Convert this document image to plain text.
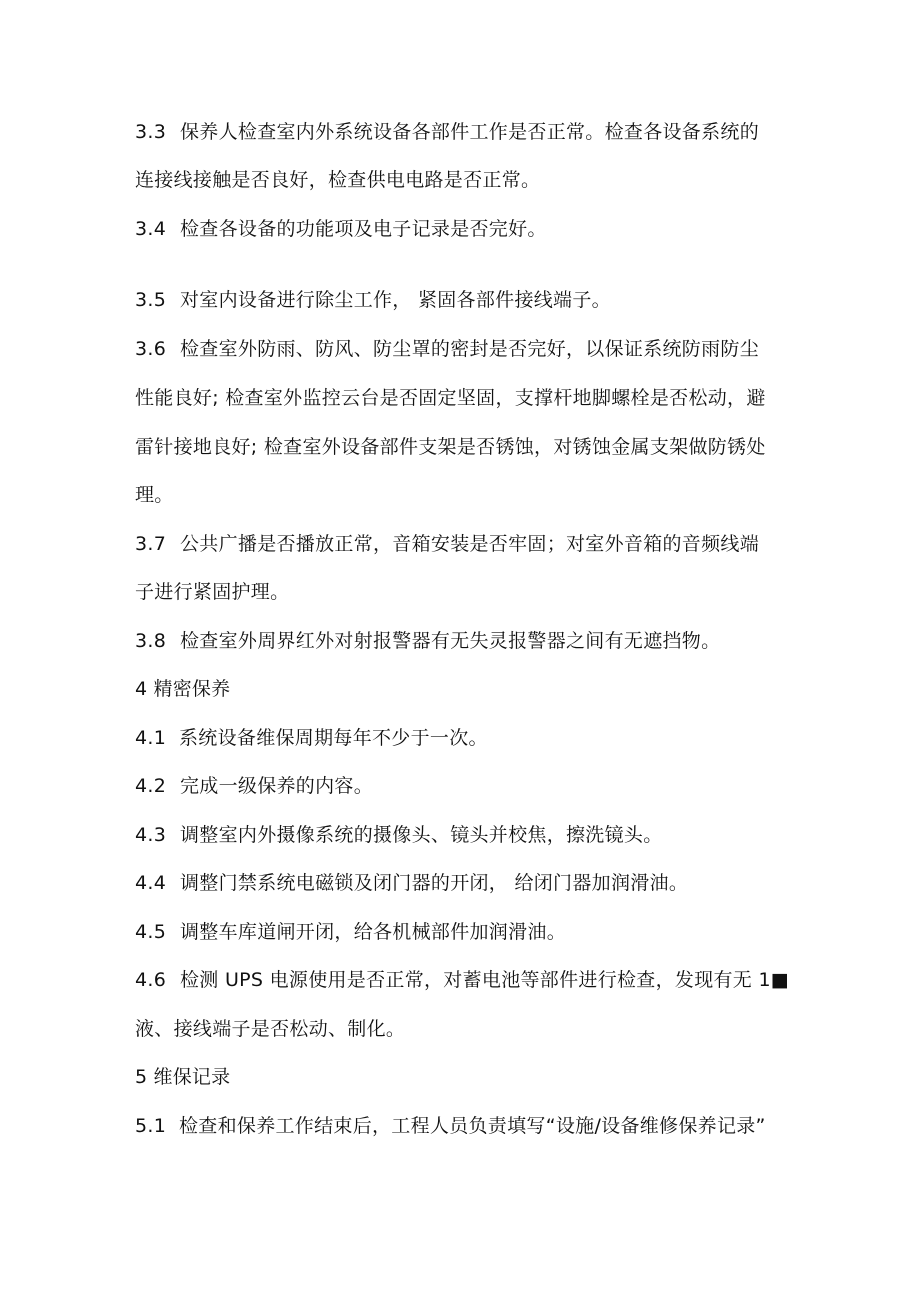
3.3 保养人检查室内外系统设备各部件工作是否正常。检查各设备系统的
连接线接触是否良好，检查供电电路是否正常。
3.4 检查各设备的功能项及电子记录是否完好。
3.5 对室内设备进行除尘工作， 紧固各部件接线端子。
3.6 检查室外防雨、防风、防尘罩的密封是否完好，以保证系统防雨防尘
性能良好; 检查室外监控云台是否固定坚固，支撑杆地脚螺栓是否松动，避
雷针接地良好; 检查室外设备部件支架是否锈蚀，对锈蚀金属支架做防锈处
理。
3.7 公共广播是否播放正常，音箱安装是否牢固；对室外音箱的音频线端
子进行紧固护理。
3.8 检查室外周界红外对射报警器有无失灵报警器之间有无遮挡物。
4 精密保养
4.1 系统设备维保周期每年不少于一次。
4.2 完成一级保养的内容。
4.3 调整室内外摄像系统的摄像头、镜头并校焦，擦洗镜头。
4.4 调整门禁系统电磁锁及闭门器的开闭， 给闭门器加润滑油。
4.5 调整车库道闸开闭，给各机械部件加润滑油。
4.6 检测 UPS 电源使用是否正常，对蓄电池等部件进行检查，发现有无 1■
液、接线端子是否松动、制化。
5 维保记录
5.1 检查和保养工作结束后，工程人员负责填写“设施/设备维修保养记录”
